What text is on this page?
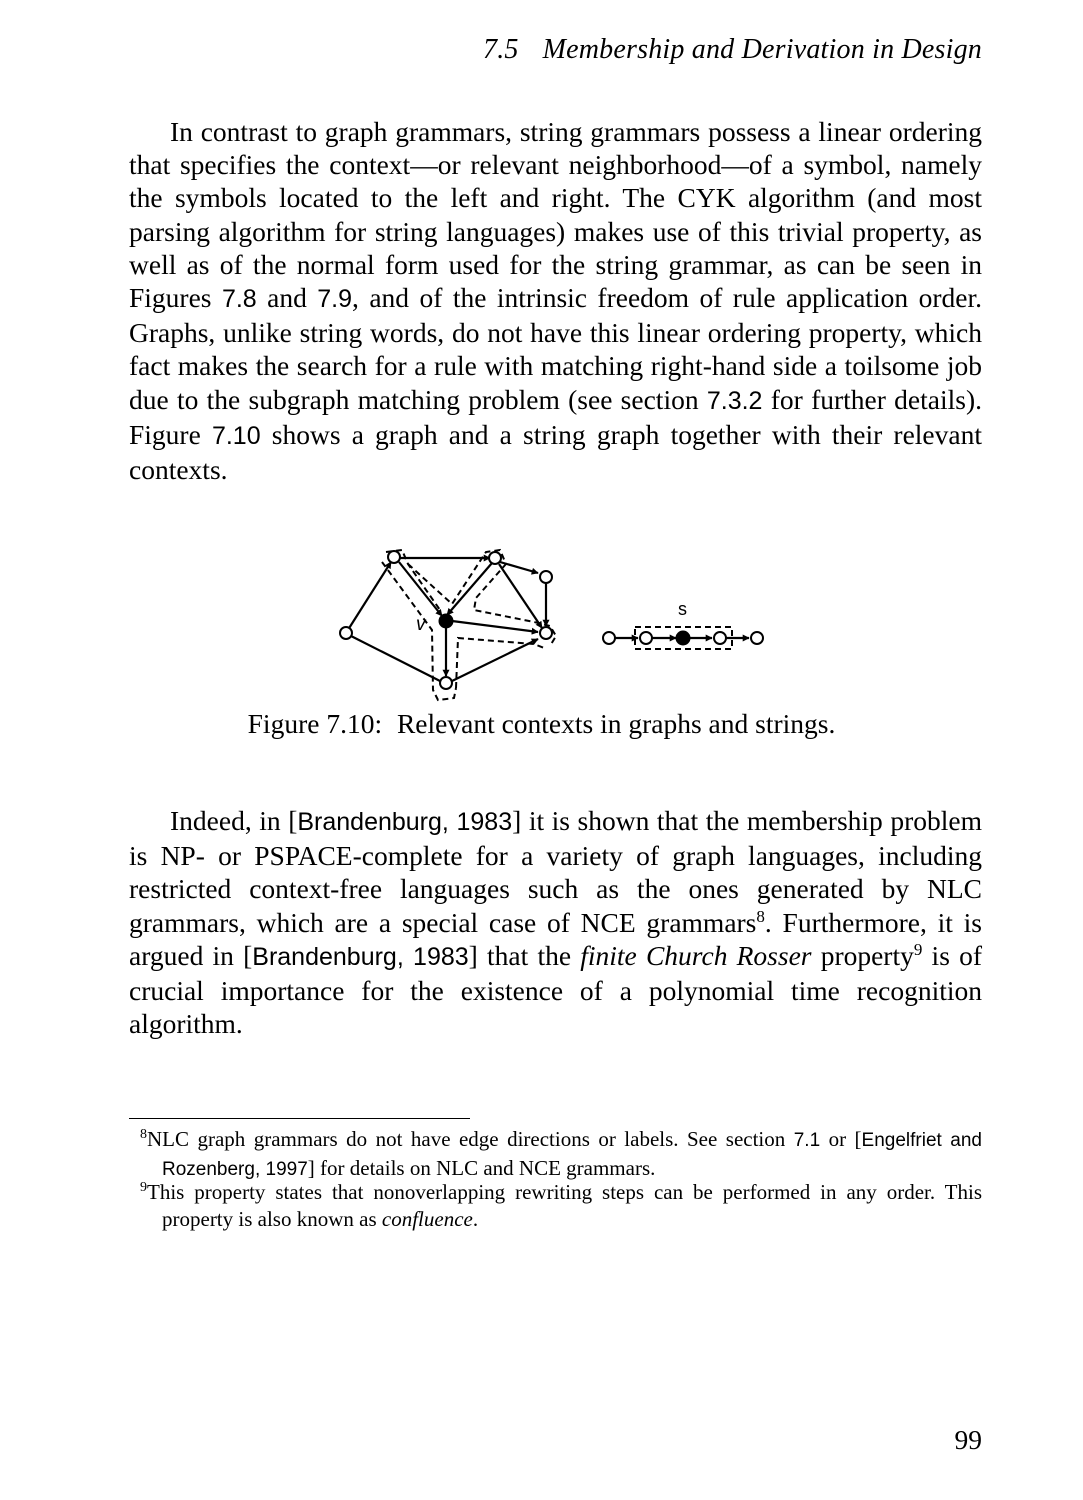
7.5 Membership and Derivation in Design

In contrast to graph grammars, string grammars possess a linear ordering that specifies the context—or relevant neighborhood—of a symbol, namely the symbols located to the left and right. The CYK algorithm (and most parsing algorithm for string languages) makes use of this trivial property, as well as of the normal form used for the string grammar, as can be seen in Figures 7.8 and 7.9, and of the intrinsic freedom of rule application order. Graphs, unlike string words, do not have this linear ordering property, which fact makes the search for a rule with matching right-hand side a toilsome job due to the subgraph matching problem (see section 7.3.2 for further details). Figure 7.10 shows a graph and a string graph together with their relevant contexts.

v
s
Figure 7.10: Relevant contexts in graphs and strings.

Indeed, in [Brandenburg, 1983] it is shown that the membership problem is NP- or PSPACE-complete for a variety of graph languages, including restricted context-free languages such as the ones generated by NLC grammars, which are a special case of NCE grammars$^8$. Furthermore, it is argued in [Brandenburg, 1983] that the finite Church Rosser property$^9$ is of crucial importance for the existence of a polynomial time recognition algorithm.

$^8$NLC graph grammars do not have edge directions or labels. See section 7.1 or [Engelfriet and Rozenberg, 1997] for details on NLC and NCE grammars.

$^9$This property states that nonoverlapping rewriting steps can be performed in any order. This property is also known as confluence.

99
